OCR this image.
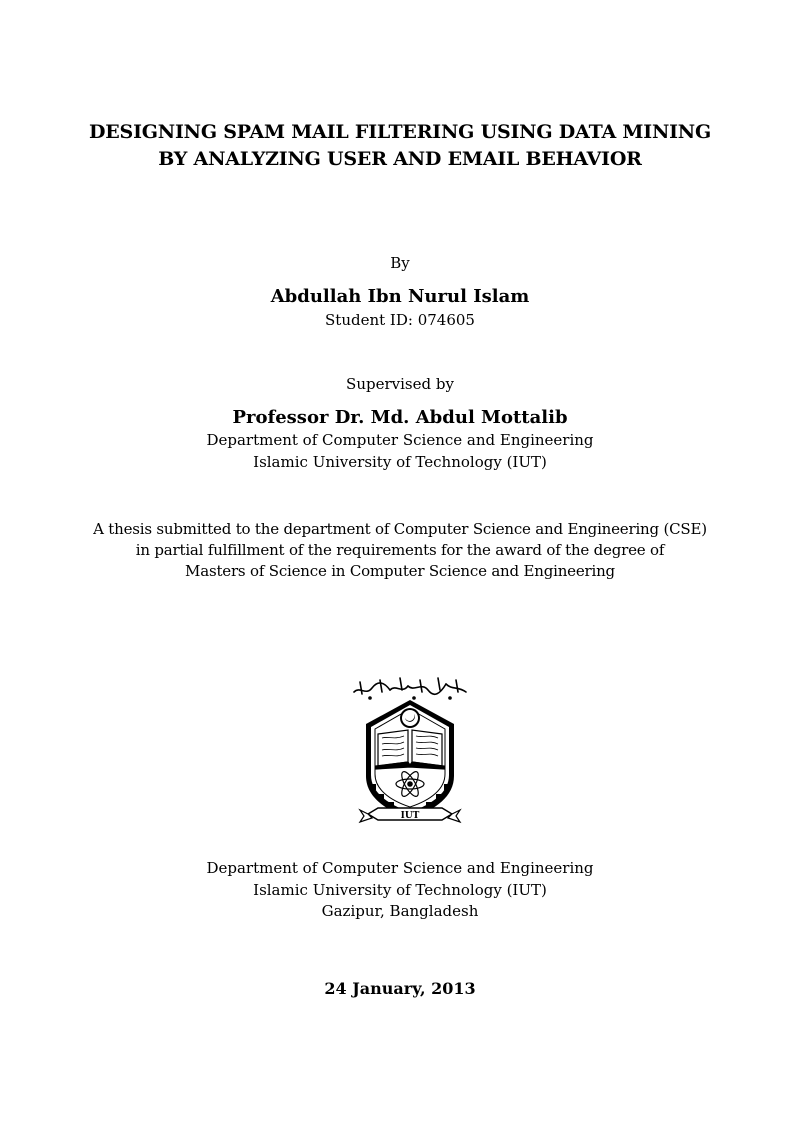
DESIGNING SPAM MAIL FILTERING USING DATA MINING
BY ANALYZING USER AND EMAIL BEHAVIOR
By
Abdullah Ibn Nurul Islam
Student ID: 074605
Supervised by
Professor Dr. Md. Abdul Mottalib
Department of Computer Science and Engineering
Islamic University of Technology (IUT)
A thesis submitted to the department of Computer Science and Engineering (CSE)
in partial fulfillment of the requirements for the award of the degree of
Masters of Science in Computer Science and Engineering
IUT
Department of Computer Science and Engineering
Islamic University of Technology (IUT)
Gazipur, Bangladesh
24 January, 2013
